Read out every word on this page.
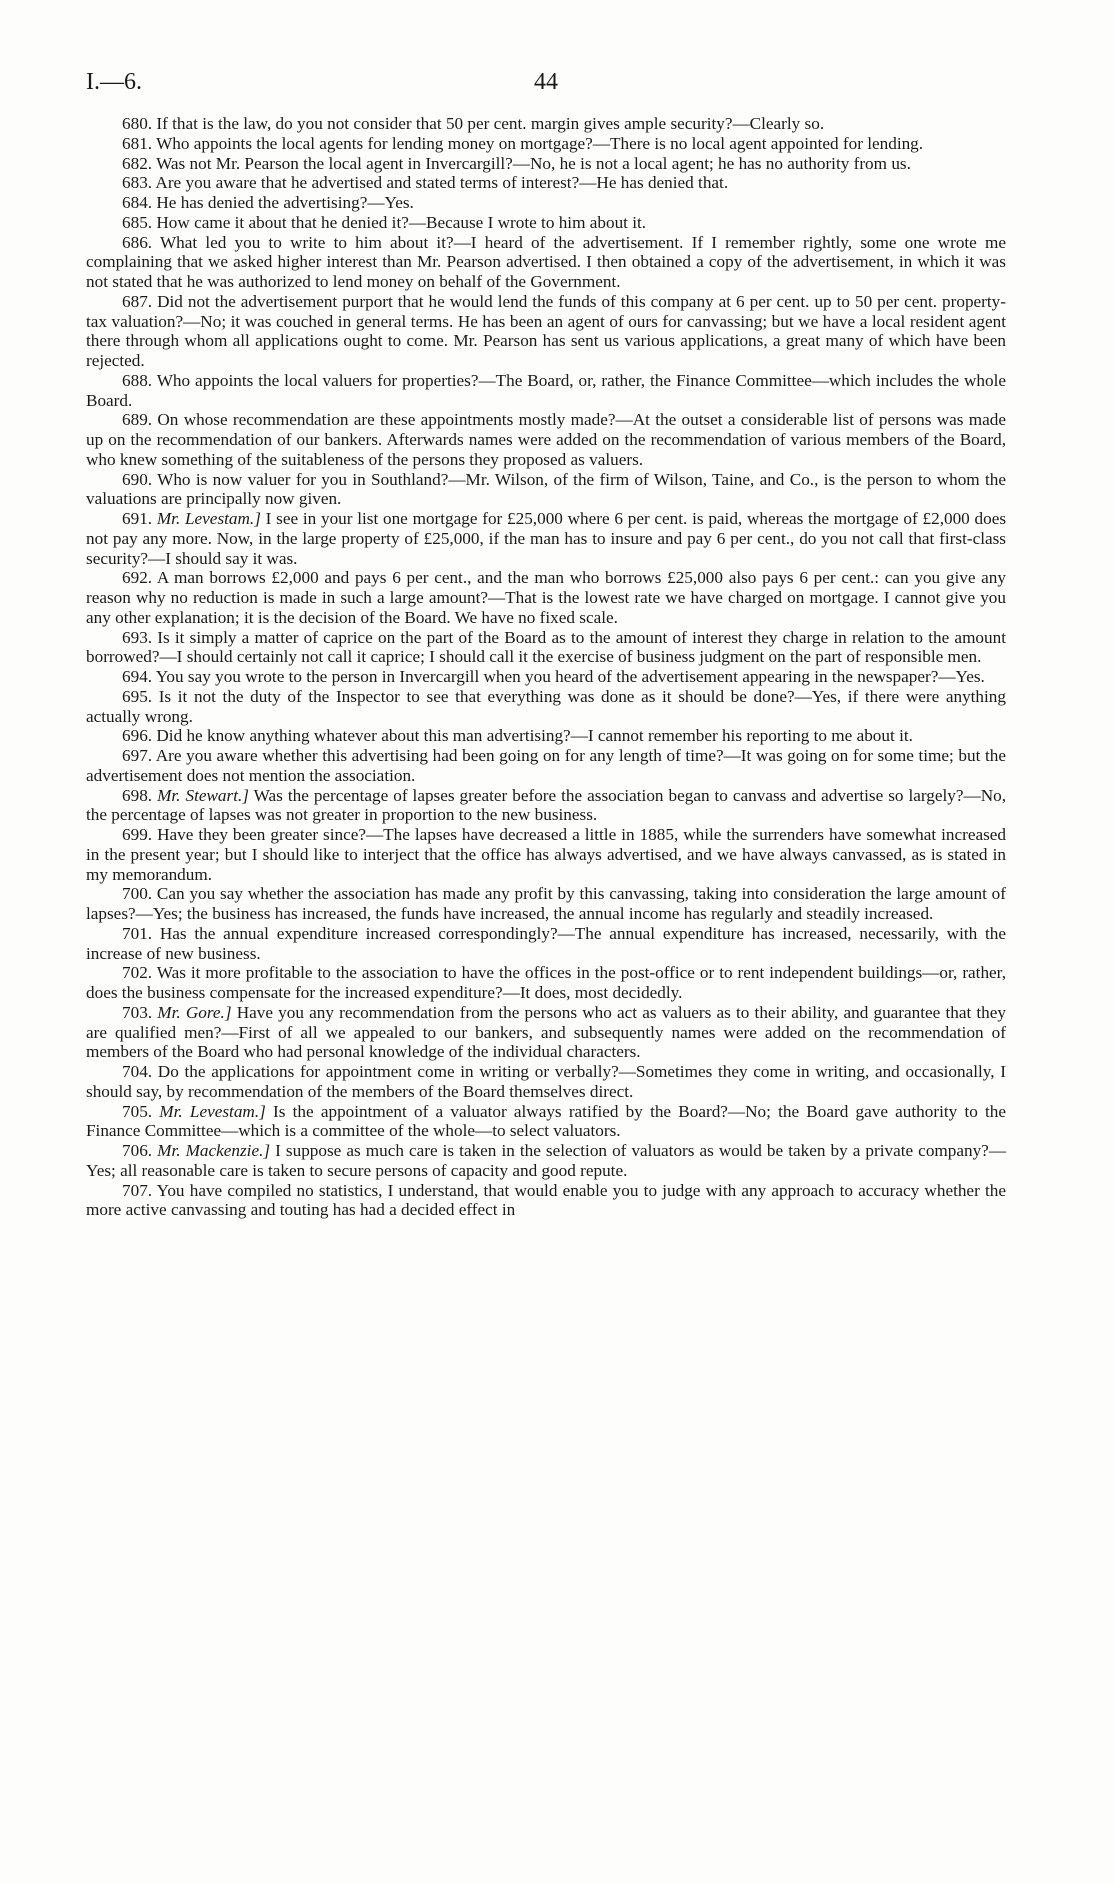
I.—6.	44

680. If that is the law, do you not consider that 50 per cent. margin gives ample security?—Clearly so.

681. Who appoints the local agents for lending money on mortgage?—There is no local agent appointed for lending.

682. Was not Mr. Pearson the local agent in Invercargill?—No, he is not a local agent; he has no authority from us.

683. Are you aware that he advertised and stated terms of interest?—He has denied that.

684. He has denied the advertising?—Yes.

685. How came it about that he denied it?—Because I wrote to him about it.

686. What led you to write to him about it?—I heard of the advertisement. If I remember rightly, some one wrote me complaining that we asked higher interest than Mr. Pearson advertised. I then obtained a copy of the advertisement, in which it was not stated that he was authorized to lend money on behalf of the Government.

687. Did not the advertisement purport that he would lend the funds of this company at 6 per cent. up to 50 per cent. property-tax valuation?—No; it was couched in general terms. He has been an agent of ours for canvassing; but we have a local resident agent there through whom all applications ought to come. Mr. Pearson has sent us various applications, a great many of which have been rejected.

688. Who appoints the local valuers for properties?—The Board, or, rather, the Finance Committee—which includes the whole Board.

689. On whose recommendation are these appointments mostly made?—At the outset a considerable list of persons was made up on the recommendation of our bankers. Afterwards names were added on the recommendation of various members of the Board, who knew something of the suitableness of the persons they proposed as valuers.

690. Who is now valuer for you in Southland?—Mr. Wilson, of the firm of Wilson, Taine, and Co., is the person to whom the valuations are principally now given.

691. Mr. Levestam.] I see in your list one mortgage for £25,000 where 6 per cent. is paid, whereas the mortgage of £2,000 does not pay any more. Now, in the large property of £25,000, if the man has to insure and pay 6 per cent., do you not call that first-class security?—I should say it was.

692. A man borrows £2,000 and pays 6 per cent., and the man who borrows £25,000 also pays 6 per cent.: can you give any reason why no reduction is made in such a large amount?—That is the lowest rate we have charged on mortgage. I cannot give you any other explanation; it is the decision of the Board. We have no fixed scale.

693. Is it simply a matter of caprice on the part of the Board as to the amount of interest they charge in relation to the amount borrowed?—I should certainly not call it caprice; I should call it the exercise of business judgment on the part of responsible men.

694. You say you wrote to the person in Invercargill when you heard of the advertisement appearing in the newspaper?—Yes.

695. Is it not the duty of the Inspector to see that everything was done as it should be done?—Yes, if there were anything actually wrong.

696. Did he know anything whatever about this man advertising?—I cannot remember his reporting to me about it.

697. Are you aware whether this advertising had been going on for any length of time?—It was going on for some time; but the advertisement does not mention the association.

698. Mr. Stewart.] Was the percentage of lapses greater before the association began to canvass and advertise so largely?—No, the percentage of lapses was not greater in proportion to the new business.

699. Have they been greater since?—The lapses have decreased a little in 1885, while the surrenders have somewhat increased in the present year; but I should like to interject that the office has always advertised, and we have always canvassed, as is stated in my memorandum.

700. Can you say whether the association has made any profit by this canvassing, taking into consideration the large amount of lapses?—Yes; the business has increased, the funds have increased, the annual income has regularly and steadily increased.

701. Has the annual expenditure increased correspondingly?—The annual expenditure has increased, necessarily, with the increase of new business.

702. Was it more profitable to the association to have the offices in the post-office or to rent independent buildings—or, rather, does the business compensate for the increased expenditure?—It does, most decidedly.

703. Mr. Gore.] Have you any recommendation from the persons who act as valuers as to their ability, and guarantee that they are qualified men?—First of all we appealed to our bankers, and subsequently names were added on the recommendation of members of the Board who had personal knowledge of the individual characters.

704. Do the applications for appointment come in writing or verbally?—Sometimes they come in writing, and occasionally, I should say, by recommendation of the members of the Board themselves direct.

705. Mr. Levestam.] Is the appointment of a valuator always ratified by the Board?—No; the Board gave authority to the Finance Committee—which is a committee of the whole—to select valuators.

706. Mr. Mackenzie.] I suppose as much care is taken in the selection of valuators as would be taken by a private company?—Yes; all reasonable care is taken to secure persons of capacity and good repute.

707. You have compiled no statistics, I understand, that would enable you to judge with any approach to accuracy whether the more active canvassing and touting has had a decided effect in
